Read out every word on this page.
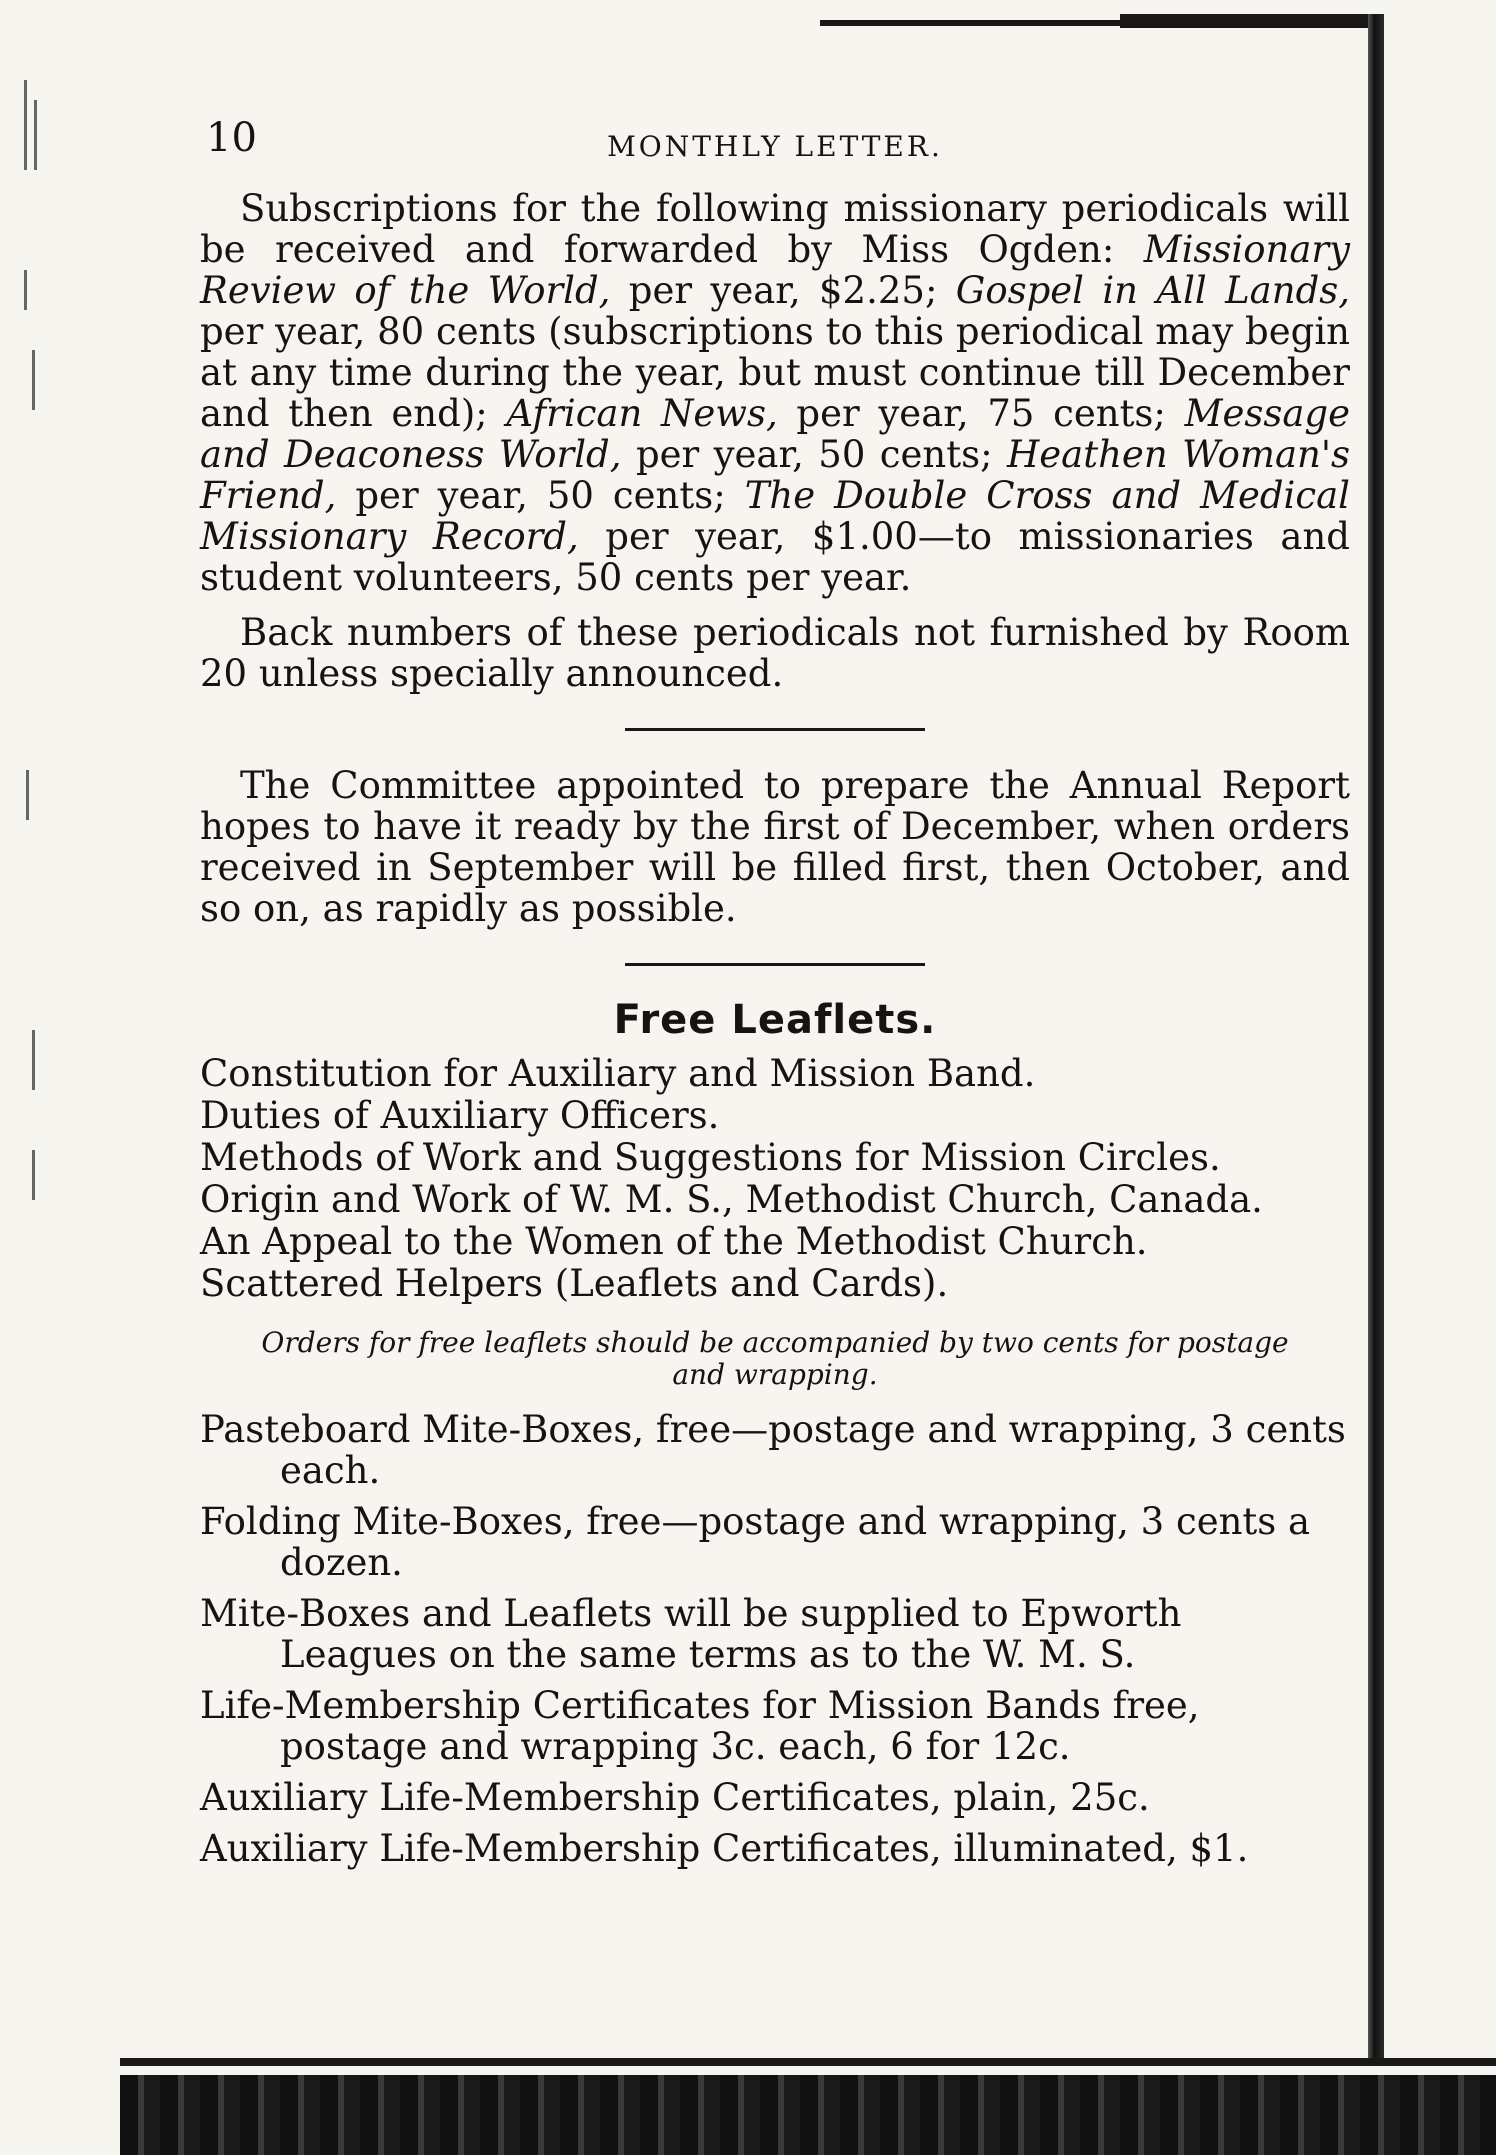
10	MONTHLY LETTER.

Subscriptions for the following missionary periodicals will be received and forwarded by Miss Ogden: Missionary Review of the World, per year, $2.25; Gospel in All Lands, per year, 80 cents (subscriptions to this periodical may begin at any time during the year, but must continue till December and then end); African News, per year, 75 cents; Message and Deaconess World, per year, 50 cents; Heathen Woman's Friend, per year, 50 cents; The Double Cross and Medical Missionary Record, per year, $1.00—to missionaries and student volunteers, 50 cents per year.

Back numbers of these periodicals not furnished by Room 20 unless specially announced.

The Committee appointed to prepare the Annual Report hopes to have it ready by the first of December, when orders received in September will be filled first, then October, and so on, as rapidly as possible.

Free Leaflets.
Constitution for Auxiliary and Mission Band.
Duties of Auxiliary Officers.
Methods of Work and Suggestions for Mission Circles.
Origin and Work of W. M. S., Methodist Church, Canada.
An Appeal to the Women of the Methodist Church.
Scattered Helpers (Leaflets and Cards).
Orders for free leaflets should be accompanied by two cents for postage and wrapping.

Pasteboard Mite-Boxes, free—postage and wrapping, 3 cents each.

Folding Mite-Boxes, free—postage and wrapping, 3 cents a dozen.

Mite-Boxes and Leaflets will be supplied to Epworth Leagues on the same terms as to the W. M. S.

Life-Membership Certificates for Mission Bands free, postage and wrapping 3c. each, 6 for 12c.

Auxiliary Life-Membership Certificates, plain, 25c.

Auxiliary Life-Membership Certificates, illuminated, $1.
